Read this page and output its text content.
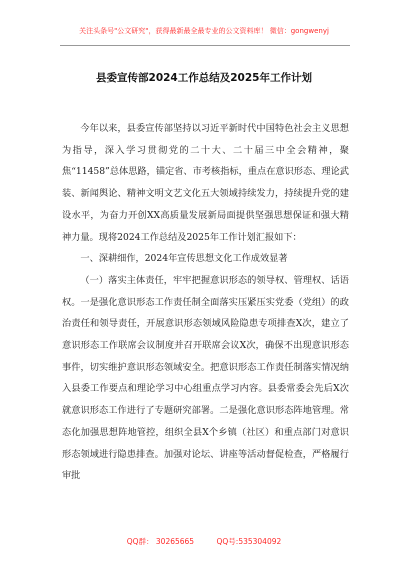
关注头条号"公文研究"，获得最新最全最专业的公文资料库！ 微信：gongwenyj
县委宣传部2024工作总结及2025年工作计划

今年以来，县委宣传部坚持以习近平新时代中国特色社会主义思想为指导，深入学习贯彻党的二十大、二十届三中全会精神，聚焦“11458”总体思路，锚定省、市考核指标，重点在意识形态、理论武装、新闻舆论、精神文明文艺文化五大领域持续发力，持续提升党的建设水平，为奋力开创XX高质量发展新局面提供坚强思想保证和强大精神力量。现将2024工作总结及2025年工作计划汇报如下：

一、深耕细作，2024年宣传思想文化工作成效显著

（一）落实主体责任，牢牢把握意识形态的领导权、管理权、话语权。一是强化意识形态工作责任制全面落实压紧压实党委（党组）的政治责任和领导责任，开展意识形态领域风险隐患专项排查X次，建立了意识形态工作联席会议制度并召开联席会议X次，确保不出现意识形态事件，切实维护意识形态领域安全。把意识形态工作责任制落实情况纳入县委工作要点和理论学习中心组重点学习内容。县委常委会先后X次就意识形态工作进行了专题研究部署。二是强化意识形态阵地管理。常态化加强思想阵地管控，组织全县X个乡镇（社区）和重点部门对意识形态领域进行隐患排查。加强对论坛、讲座等活动督促检查，严格履行审批

QQ群： 30265665	QQ号:535304092
